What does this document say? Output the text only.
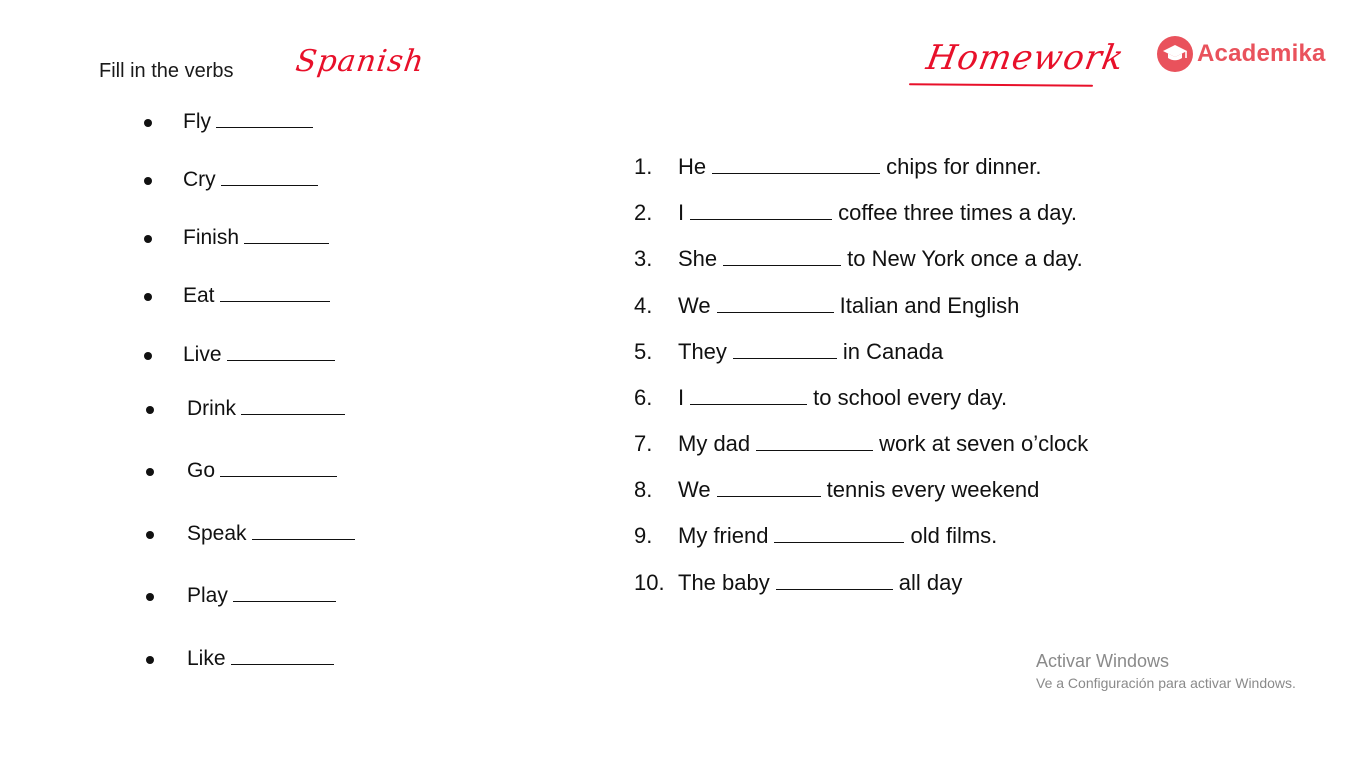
Fill in the verbs Spanish	Homework	Academika
Fly
Cry
Finish
Eat
Live
Drink
Go
Speak
Play
Like
1.	He	chips for dinner.
2.	I	coffee three times a day.
3.	She	to New York once a day.
4.	We	Italian and English
5.	They	in Canada
6.	I	to school every day.
7.	My dad	work at seven o’clock
8.	We	tennis every weekend
9.	My friend	old films.
10. The baby	all day
Activar Windows
Ve a Configuración para activar Windows.
